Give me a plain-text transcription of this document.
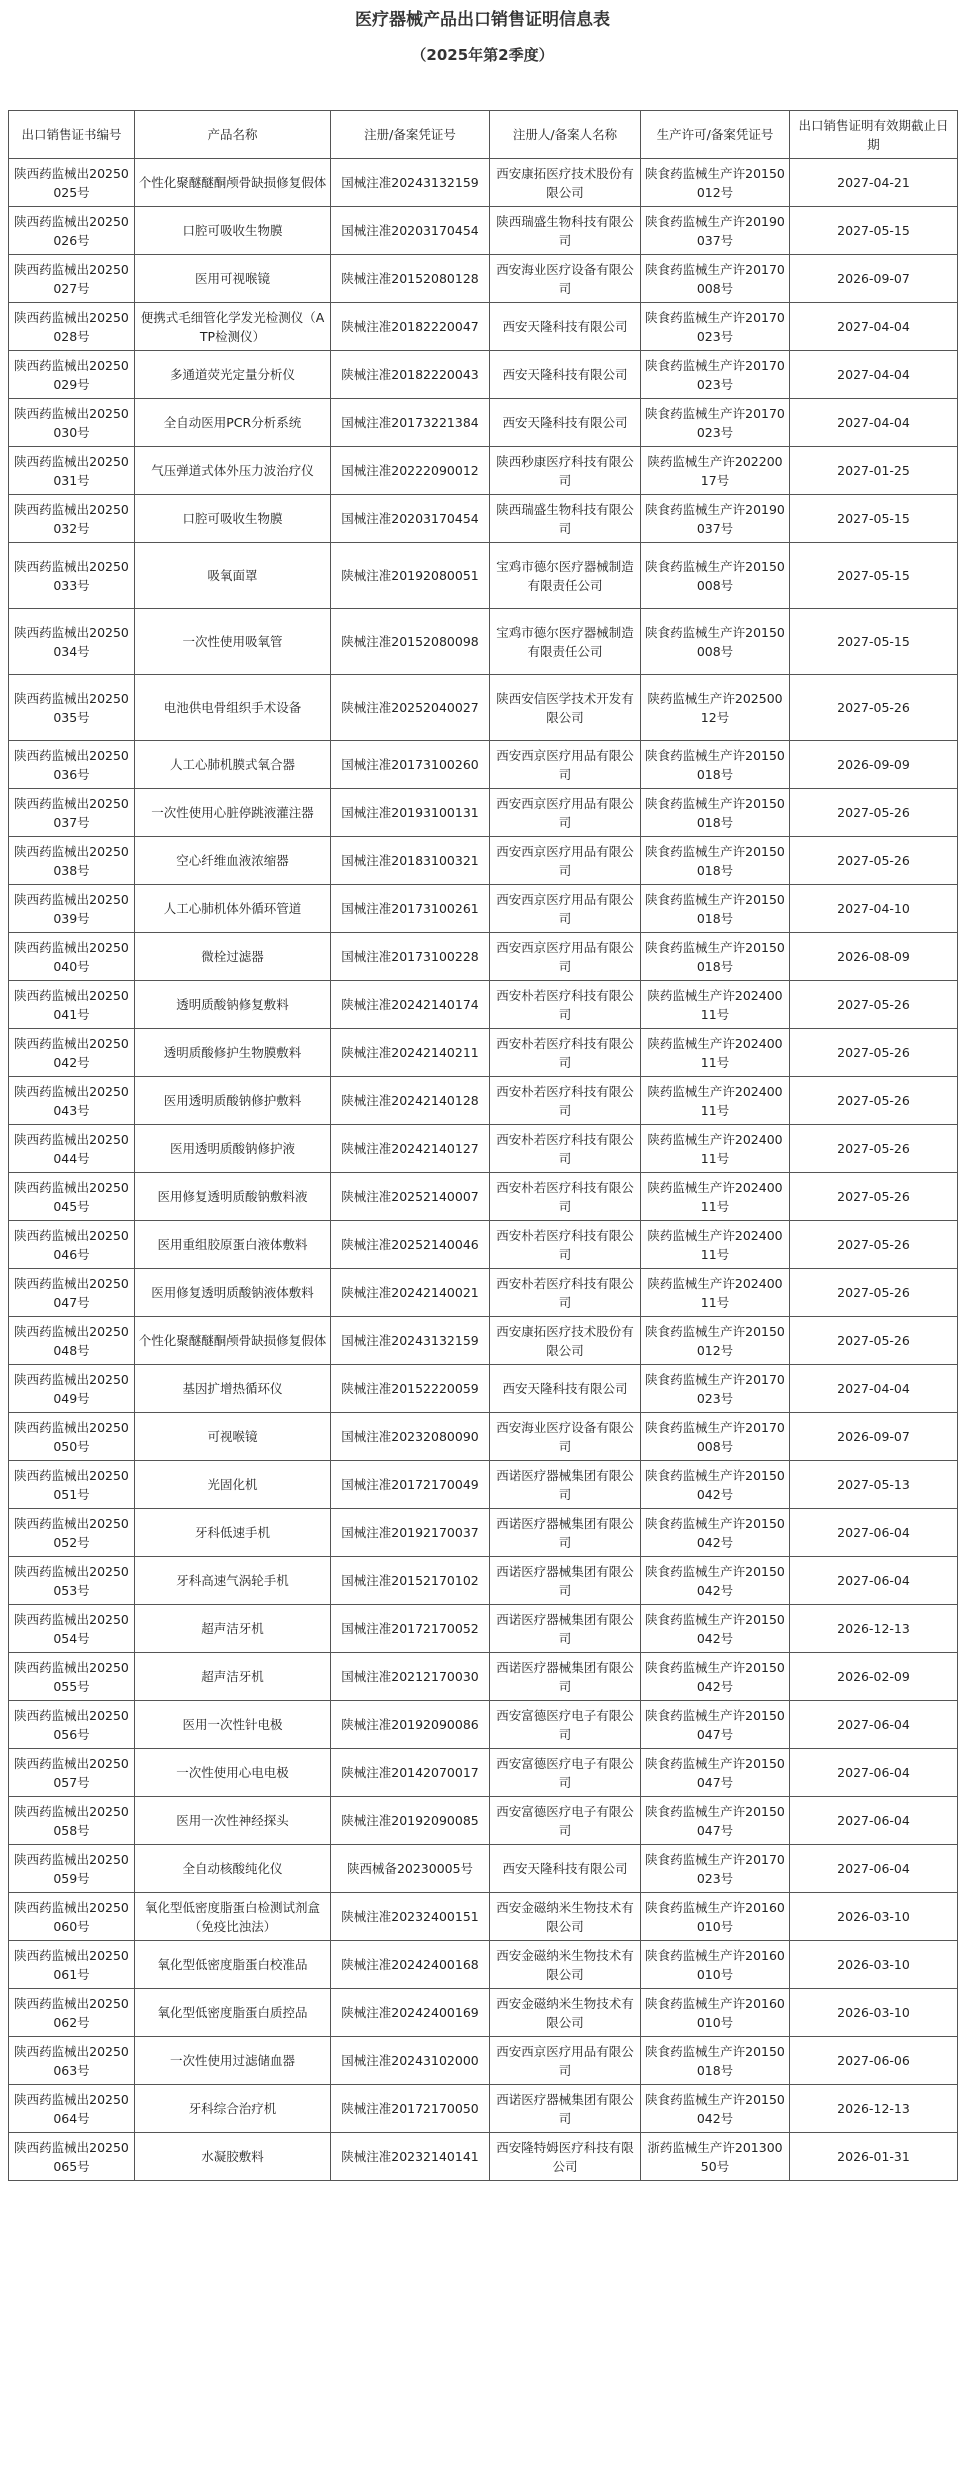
医疗器械产品出口销售证明信息表
（2025年第2季度）
出口销售证书编号	产品名称	注册/备案凭证号	注册人/备案人名称	生产许可/备案凭证号	出口销售证明有效期截止日期
陕西药监械出20250025号	个性化聚醚醚酮颅骨缺损修复假体	国械注准20243132159	西安康拓医疗技术股份有限公司	陕食药监械生产许20150012号	2027-04-21
陕西药监械出20250026号	口腔可吸收生物膜	国械注准20203170454	陕西瑞盛生物科技有限公司	陕食药监械生产许20190037号	2027-05-15
陕西药监械出20250027号	医用可视喉镜	陕械注准20152080128	西安海业医疗设备有限公司	陕食药监械生产许20170008号	2026-09-07
陕西药监械出20250028号	便携式毛细管化学发光检测仪（ATP检测仪）	陕械注准20182220047	西安天隆科技有限公司	陕食药监械生产许20170023号	2027-04-04
陕西药监械出20250029号	多通道荧光定量分析仪	陕械注准20182220043	西安天隆科技有限公司	陕食药监械生产许20170023号	2027-04-04
陕西药监械出20250030号	全自动医用PCR分析系统	国械注准20173221384	西安天隆科技有限公司	陕食药监械生产许20170023号	2027-04-04
陕西药监械出20250031号	气压弹道式体外压力波治疗仪	国械注准20222090012	陕西秒康医疗科技有限公司	陕药监械生产许20220017号	2027-01-25
陕西药监械出20250032号	口腔可吸收生物膜	国械注准20203170454	陕西瑞盛生物科技有限公司	陕食药监械生产许20190037号	2027-05-15
陕西药监械出20250033号	吸氧面罩	陕械注准20192080051	宝鸡市德尔医疗器械制造有限责任公司	陕食药监械生产许20150008号	2027-05-15
陕西药监械出20250034号	一次性使用吸氧管	陕械注准20152080098	宝鸡市德尔医疗器械制造有限责任公司	陕食药监械生产许20150008号	2027-05-15
陕西药监械出20250035号	电池供电骨组织手术设备	陕械注准20252040027	陕西安信医学技术开发有限公司	陕药监械生产许20250012号	2027-05-26
陕西药监械出20250036号	人工心肺机膜式氧合器	国械注准20173100260	西安西京医疗用品有限公司	陕食药监械生产许20150018号	2026-09-09
陕西药监械出20250037号	一次性使用心脏停跳液灌注器	国械注准20193100131	西安西京医疗用品有限公司	陕食药监械生产许20150018号	2027-05-26
陕西药监械出20250038号	空心纤维血液浓缩器	国械注准20183100321	西安西京医疗用品有限公司	陕食药监械生产许20150018号	2027-05-26
陕西药监械出20250039号	人工心肺机体外循环管道	国械注准20173100261	西安西京医疗用品有限公司	陕食药监械生产许20150018号	2027-04-10
陕西药监械出20250040号	微栓过滤器	国械注准20173100228	西安西京医疗用品有限公司	陕食药监械生产许20150018号	2026-08-09
陕西药监械出20250041号	透明质酸钠修复敷料	陕械注准20242140174	西安朴若医疗科技有限公司	陕药监械生产许20240011号	2027-05-26
陕西药监械出20250042号	透明质酸修护生物膜敷料	陕械注准20242140211	西安朴若医疗科技有限公司	陕药监械生产许20240011号	2027-05-26
陕西药监械出20250043号	医用透明质酸钠修护敷料	陕械注准20242140128	西安朴若医疗科技有限公司	陕药监械生产许20240011号	2027-05-26
陕西药监械出20250044号	医用透明质酸钠修护液	陕械注准20242140127	西安朴若医疗科技有限公司	陕药监械生产许20240011号	2027-05-26
陕西药监械出20250045号	医用修复透明质酸钠敷料液	陕械注准20252140007	西安朴若医疗科技有限公司	陕药监械生产许20240011号	2027-05-26
陕西药监械出20250046号	医用重组胶原蛋白液体敷料	陕械注准20252140046	西安朴若医疗科技有限公司	陕药监械生产许20240011号	2027-05-26
陕西药监械出20250047号	医用修复透明质酸钠液体敷料	陕械注准20242140021	西安朴若医疗科技有限公司	陕药监械生产许20240011号	2027-05-26
陕西药监械出20250048号	个性化聚醚醚酮颅骨缺损修复假体	国械注准20243132159	西安康拓医疗技术股份有限公司	陕食药监械生产许20150012号	2027-05-26
陕西药监械出20250049号	基因扩增热循环仪	陕械注准20152220059	西安天隆科技有限公司	陕食药监械生产许20170023号	2027-04-04
陕西药监械出20250050号	可视喉镜	国械注准20232080090	西安海业医疗设备有限公司	陕食药监械生产许20170008号	2026-09-07
陕西药监械出20250051号	光固化机	国械注准20172170049	西诺医疗器械集团有限公司	陕食药监械生产许20150042号	2027-05-13
陕西药监械出20250052号	牙科低速手机	国械注准20192170037	西诺医疗器械集团有限公司	陕食药监械生产许20150042号	2027-06-04
陕西药监械出20250053号	牙科高速气涡轮手机	国械注准20152170102	西诺医疗器械集团有限公司	陕食药监械生产许20150042号	2027-06-04
陕西药监械出20250054号	超声洁牙机	国械注准20172170052	西诺医疗器械集团有限公司	陕食药监械生产许20150042号	2026-12-13
陕西药监械出20250055号	超声洁牙机	国械注准20212170030	西诺医疗器械集团有限公司	陕食药监械生产许20150042号	2026-02-09
陕西药监械出20250056号	医用一次性针电极	陕械注准20192090086	西安富德医疗电子有限公司	陕食药监械生产许20150047号	2027-06-04
陕西药监械出20250057号	一次性使用心电电极	陕械注准20142070017	西安富德医疗电子有限公司	陕食药监械生产许20150047号	2027-06-04
陕西药监械出20250058号	医用一次性神经探头	陕械注准20192090085	西安富德医疗电子有限公司	陕食药监械生产许20150047号	2027-06-04
陕西药监械出20250059号	全自动核酸纯化仪	陕西械备20230005号	西安天隆科技有限公司	陕食药监械生产许20170023号	2027-06-04
陕西药监械出20250060号	氧化型低密度脂蛋白检测试剂盒（免疫比浊法）	陕械注准20232400151	西安金磁纳米生物技术有限公司	陕食药监械生产许20160010号	2026-03-10
陕西药监械出20250061号	氧化型低密度脂蛋白校准品	陕械注准20242400168	西安金磁纳米生物技术有限公司	陕食药监械生产许20160010号	2026-03-10
陕西药监械出20250062号	氧化型低密度脂蛋白质控品	陕械注准20242400169	西安金磁纳米生物技术有限公司	陕食药监械生产许20160010号	2026-03-10
陕西药监械出20250063号	一次性使用过滤储血器	国械注准20243102000	西安西京医疗用品有限公司	陕食药监械生产许20150018号	2027-06-06
陕西药监械出20250064号	牙科综合治疗机	陕械注准20172170050	西诺医疗器械集团有限公司	陕食药监械生产许20150042号	2026-12-13
陕西药监械出20250065号	水凝胶敷料	陕械注准20232140141	西安隆特姆医疗科技有限公司	浙药监械生产许20130050号	2026-01-31
